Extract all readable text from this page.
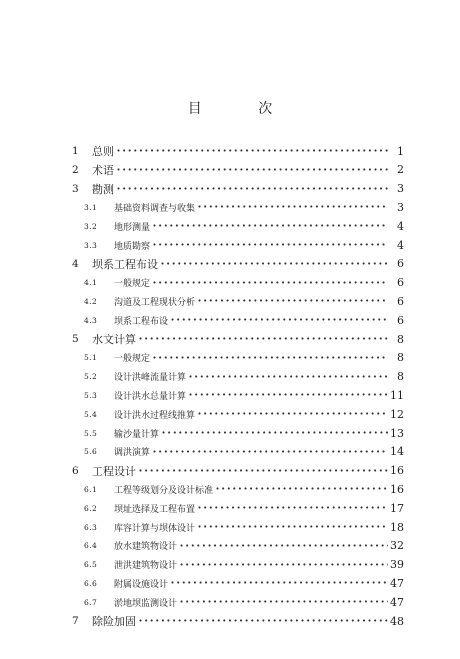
目 次
1	总则 ·····	1
2	术语 ·····	2
3	勘测 ·····	3
3.1	基础资料调查与收集 ·····	3
3.2	地形测量 ·····	4
3.3	地质勘察 ·····	4
4	坝系工程布设 ·····	6
4.1	一般规定 ·····	6
4.2	沟道及工程现状分析 ·····	6
4.3	坝系工程布设 ·····	6
5	水文计算 ·····	8
5.1	一般规定 ·····	8
5.2	设计洪峰流量计算 ·····	8
5.3	设计洪水总量计算 ·····	11
5.4	设计洪水过程线推算 ·····	12
5.5	输沙量计算 ·····	13
5.6	调洪演算 ·····	14
6	工程设计 ·····	16
6.1	工程等级划分及设计标准 ·····	16
6.2	坝址选择及工程布置 ·····	17
6.3	库容计算与坝体设计 ·····	18
6.4	放水建筑物设计 ·····	32
6.5	泄洪建筑物设计 ·····	39
6.6	附属设施设计 ·····	47
6.7	淤地坝监测设计 ·····	47
7	除险加固 ·····	48
